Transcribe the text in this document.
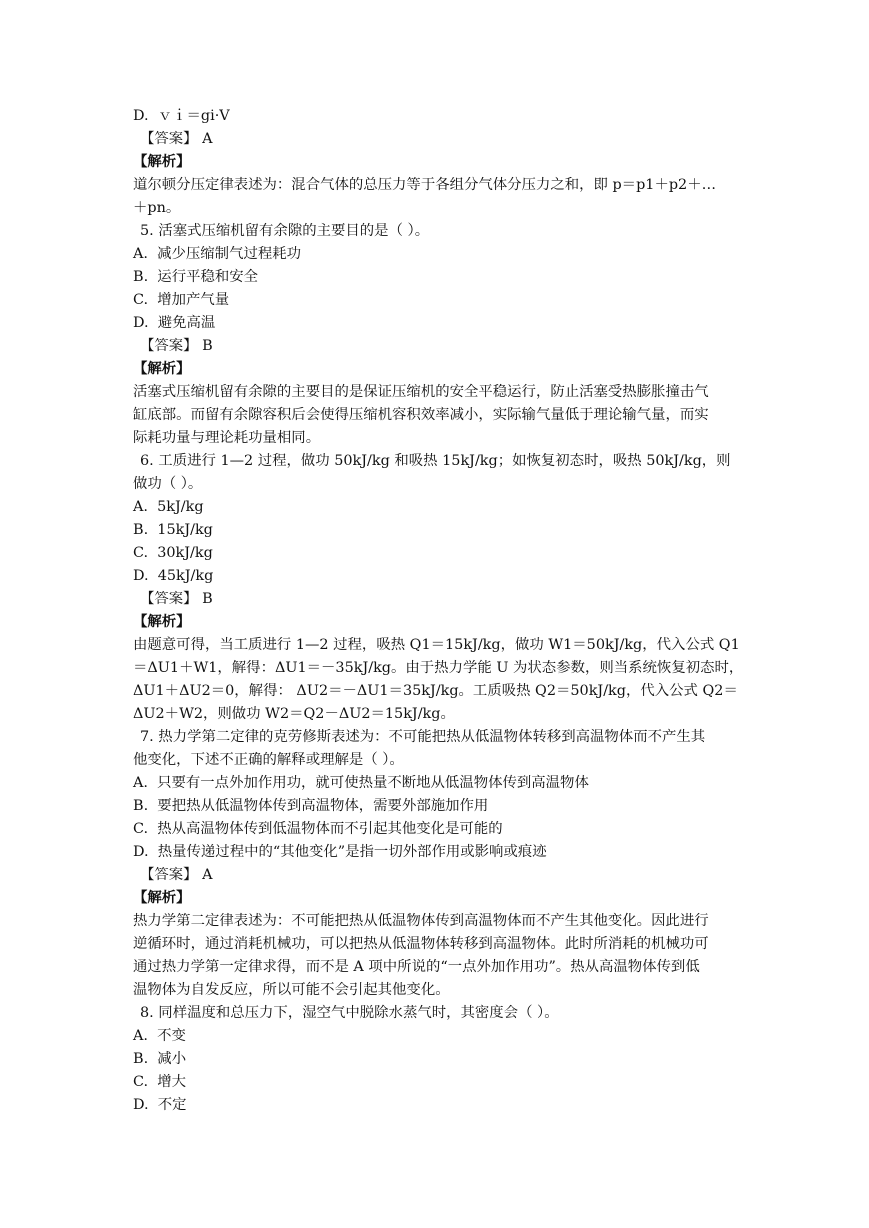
D.  ｖｉ＝gi·V
【答案】 A
【解析】
道尔顿分压定律表述为：混合气体的总压力等于各组分气体分压力之和，即 p＝p1＋p2＋…
＋pn。
5. 活塞式压缩机留有余隙的主要目的是（ ）。
A.  减少压缩制气过程耗功
B.  运行平稳和安全
C.  增加产气量
D.  避免高温
【答案】 B
【解析】
活塞式压缩机留有余隙的主要目的是保证压缩机的安全平稳运行，防止活塞受热膨胀撞击气
缸底部。而留有余隙容积后会使得压缩机容积效率减小，实际输气量低于理论输气量，而实
际耗功量与理论耗功量相同。
6. 工质进行 1—2 过程，做功 50kJ/kg 和吸热 15kJ/kg；如恢复初态时，吸热 50kJ/kg，则
做功（ ）。
A.  5kJ/kg
B.  15kJ/kg
C.  30kJ/kg
D.  45kJ/kg
【答案】 B
【解析】
由题意可得，当工质进行 1—2 过程，吸热 Q1＝15kJ/kg，做功 W1＝50kJ/kg，代入公式 Q1
＝ΔU1＋W1，解得：ΔU1＝－35kJ/kg。由于热力学能 U 为状态参数，则当系统恢复初态时，
ΔU1＋ΔU2＝0，解得： ΔU2＝－ΔU1＝35kJ/kg。工质吸热 Q2＝50kJ/kg，代入公式 Q2＝
ΔU2＋W2，则做功 W2＝Q2－ΔU2＝15kJ/kg。
7. 热力学第二定律的克劳修斯表述为：不可能把热从低温物体转移到高温物体而不产生其
他变化，下述不正确的解释或理解是（ ）。
A.  只要有一点外加作用功，就可使热量不断地从低温物体传到高温物体
B.  要把热从低温物体传到高温物体，需要外部施加作用
C.  热从高温物体传到低温物体而不引起其他变化是可能的
D.  热量传递过程中的“其他变化”是指一切外部作用或影响或痕迹
【答案】 A
【解析】
热力学第二定律表述为：不可能把热从低温物体传到高温物体而不产生其他变化。因此进行
逆循环时，通过消耗机械功，可以把热从低温物体转移到高温物体。此时所消耗的机械功可
通过热力学第一定律求得，而不是 A 项中所说的“一点外加作用功”。热从高温物体传到低
温物体为自发反应，所以可能不会引起其他变化。
8. 同样温度和总压力下，湿空气中脱除水蒸气时，其密度会（ ）。
A.  不变
B.  减小
C.  增大
D.  不定
